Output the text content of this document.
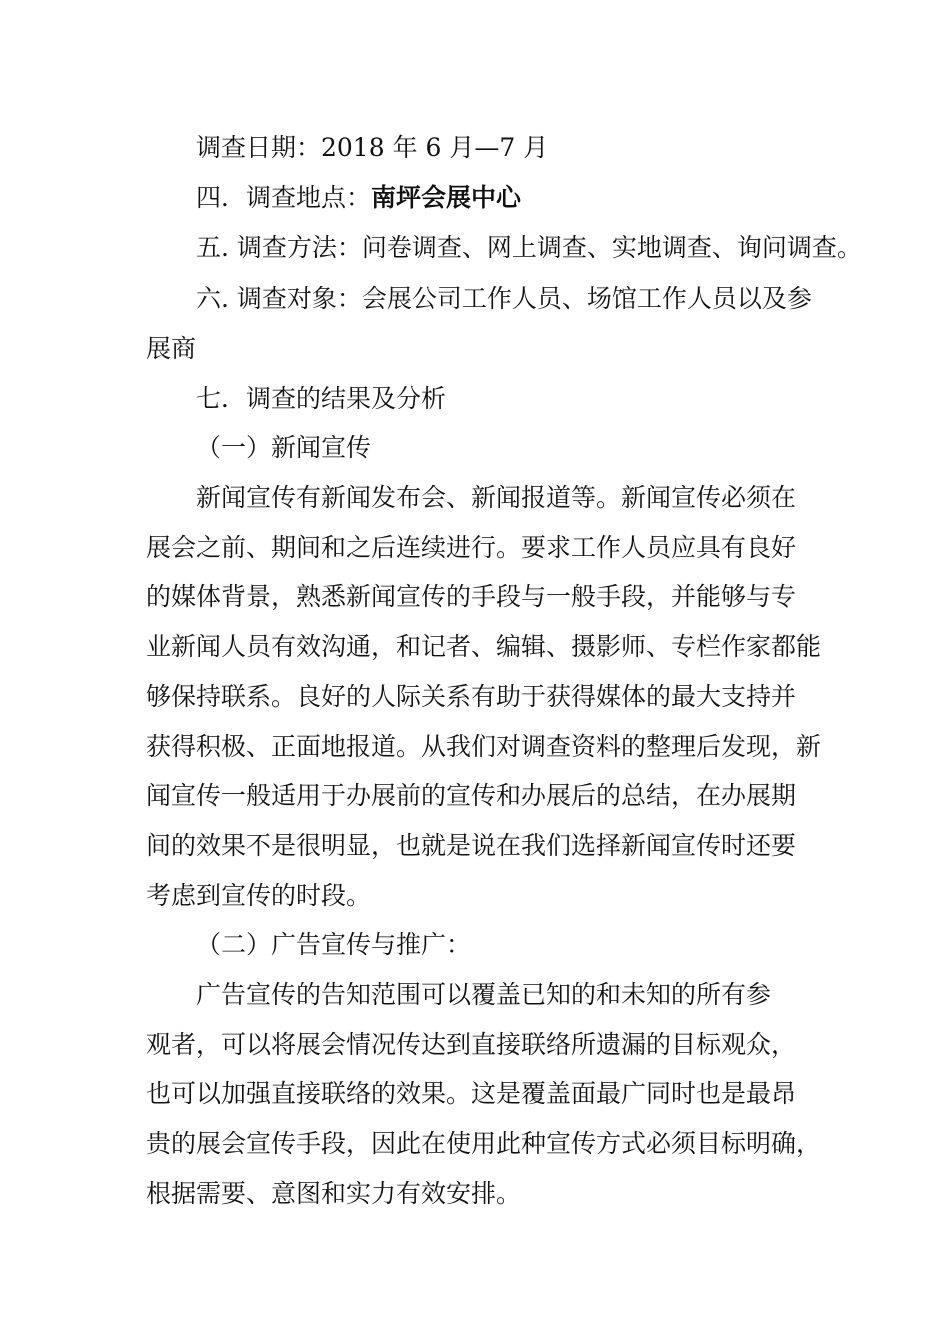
调查日期：2018 年 6 月—7 月
四．调查地点：南坪会展中心
五. 调查方法：问卷调查、网上调查、实地调查、询问调查。
六. 调查对象：会展公司工作人员、场馆工作人员以及参
展商
七．调查的结果及分析
（一）新闻宣传
新闻宣传有新闻发布会、新闻报道等。新闻宣传必须在
展会之前、期间和之后连续进行。要求工作人员应具有良好
的媒体背景，熟悉新闻宣传的手段与一般手段，并能够与专
业新闻人员有效沟通，和记者、编辑、摄影师、专栏作家都能
够保持联系。良好的人际关系有助于获得媒体的最大支持并
获得积极、正面地报道。从我们对调查资料的整理后发现，新
闻宣传一般适用于办展前的宣传和办展后的总结，在办展期
间的效果不是很明显，也就是说在我们选择新闻宣传时还要
考虑到宣传的时段。
（二）广告宣传与推广：
广告宣传的告知范围可以覆盖已知的和未知的所有参
观者，可以将展会情况传达到直接联络所遗漏的目标观众，
也可以加强直接联络的效果。这是覆盖面最广同时也是最昂
贵的展会宣传手段，因此在使用此种宣传方式必须目标明确，
根据需要、意图和实力有效安排。
